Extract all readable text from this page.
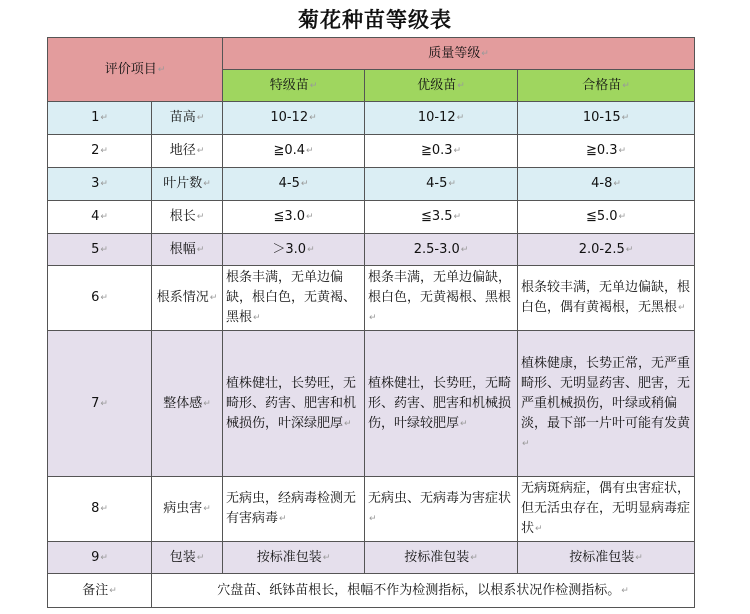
菊花种苗等级表
评价项目↵		质量等级↵
		特级苗↵	优级苗↵	合格苗↵
1↵	苗高↵	10-12↵	10-12↵	10-15↵
2↵	地径↵	≧0.4↵	≧0.3↵	≧0.3↵
3↵	叶片数↵	4-5↵	4-5↵	4-8↵
4↵	根长↵	≦3.0↵	≦3.5↵	≦5.0↵
5↵	根幅↵	＞3.0↵	2.5-3.0↵	2.0-2.5↵
6↵	根系情况↵	根条丰满，无单边偏缺，根白色，无黄褐、黑根↵	根条丰满，无单边偏缺，根白色，无黄褐根、黑根↵	根条较丰满，无单边偏缺，根白色，偶有黄褐根，无黑根↵
7↵	整体感↵	植株健壮，长势旺，无畸形、药害、肥害和机械损伤，叶深绿肥厚↵	植株健壮，长势旺，无畸形、药害、肥害和机械损伤，叶绿较肥厚↵	植株健康，长势正常，无严重畸形、无明显药害、肥害，无严重机械损伤，叶绿或稍偏淡，最下部一片叶可能有发黄↵
8↵	病虫害↵	无病虫，经病毒检测无有害病毒↵	无病虫、无病毒为害症状↵	无病斑病症，偶有虫害症状，但无活虫存在，无明显病毒症状↵
9↵	包装↵	按标准包装↵	按标准包装↵	按标准包装↵
备注↵	穴盘苗、纸钵苗根长，根幅不作为检测指标，以根系状况作检测指标。↵
